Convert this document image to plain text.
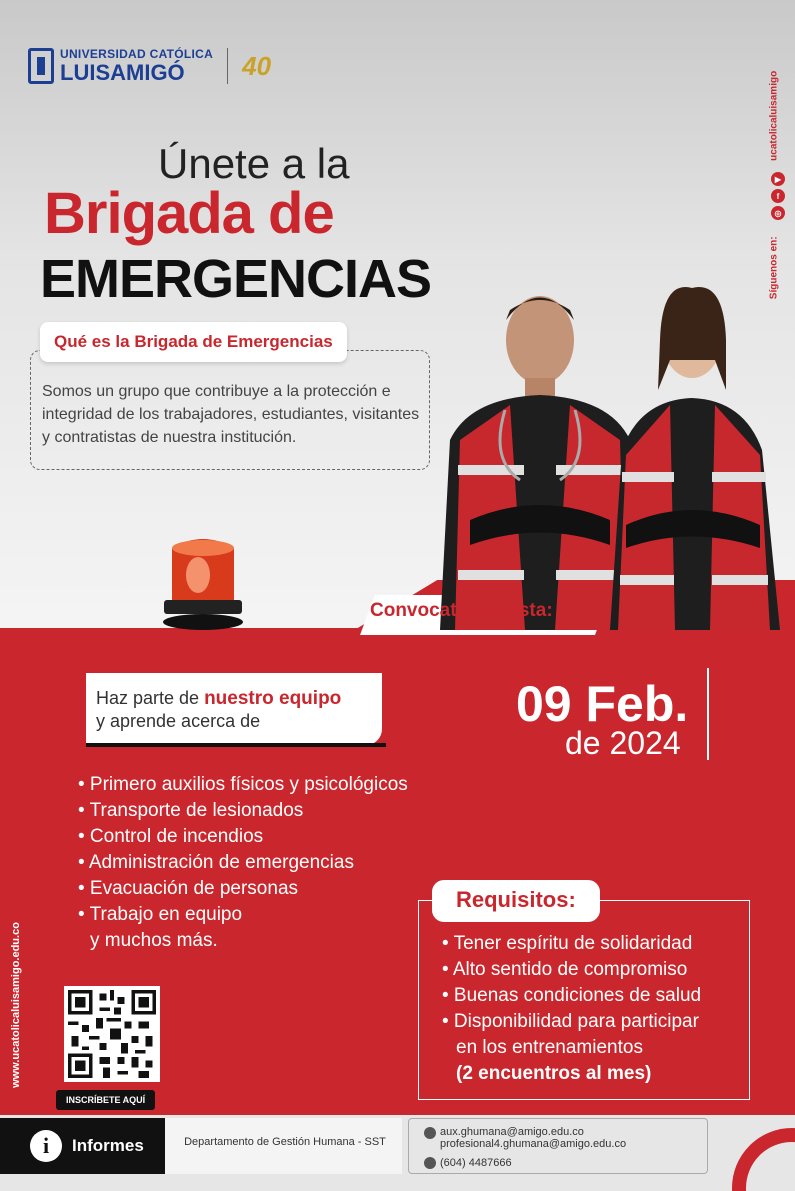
UNIVERSIDAD CATÓLICA
LUISAMIGÓ	40
Síguenos en:  ucatolicaluisamigo
▶
f
◎
Únete a la
Brigada de
EMERGENCIAS
Qué es la Brigada de Emergencias
Somos un grupo que contribuye a la protección e integridad de los trabajadores, estudiantes, visitantes y contratistas de nuestra institución.
Convocatoria hasta:
09 Feb.
de 2024
Haz parte de nuestro equipo
y aprende acerca de
• Primero auxilios físicos y psicológicos
• Transporte de lesionados
• Control de incendios
• Administración de emergencias
• Evacuación de personas
• Trabajo en equipo
y muchos más.
Requisitos:
• Tener espíritu de solidaridad
• Alto sentido de compromiso
• Buenas condiciones de salud
• Disponibilidad para participar
en los entrenamientos
(2 encuentros al mes)
INSCRÍBETE AQUÍ
www.ucatolicaluisamigo.edu.co
i	Informes	Departamento de Gestión Humana - SST
aux.ghumana@amigo.edu.co
profesional4.ghumana@amigo.edu.co
(604) 4487666
